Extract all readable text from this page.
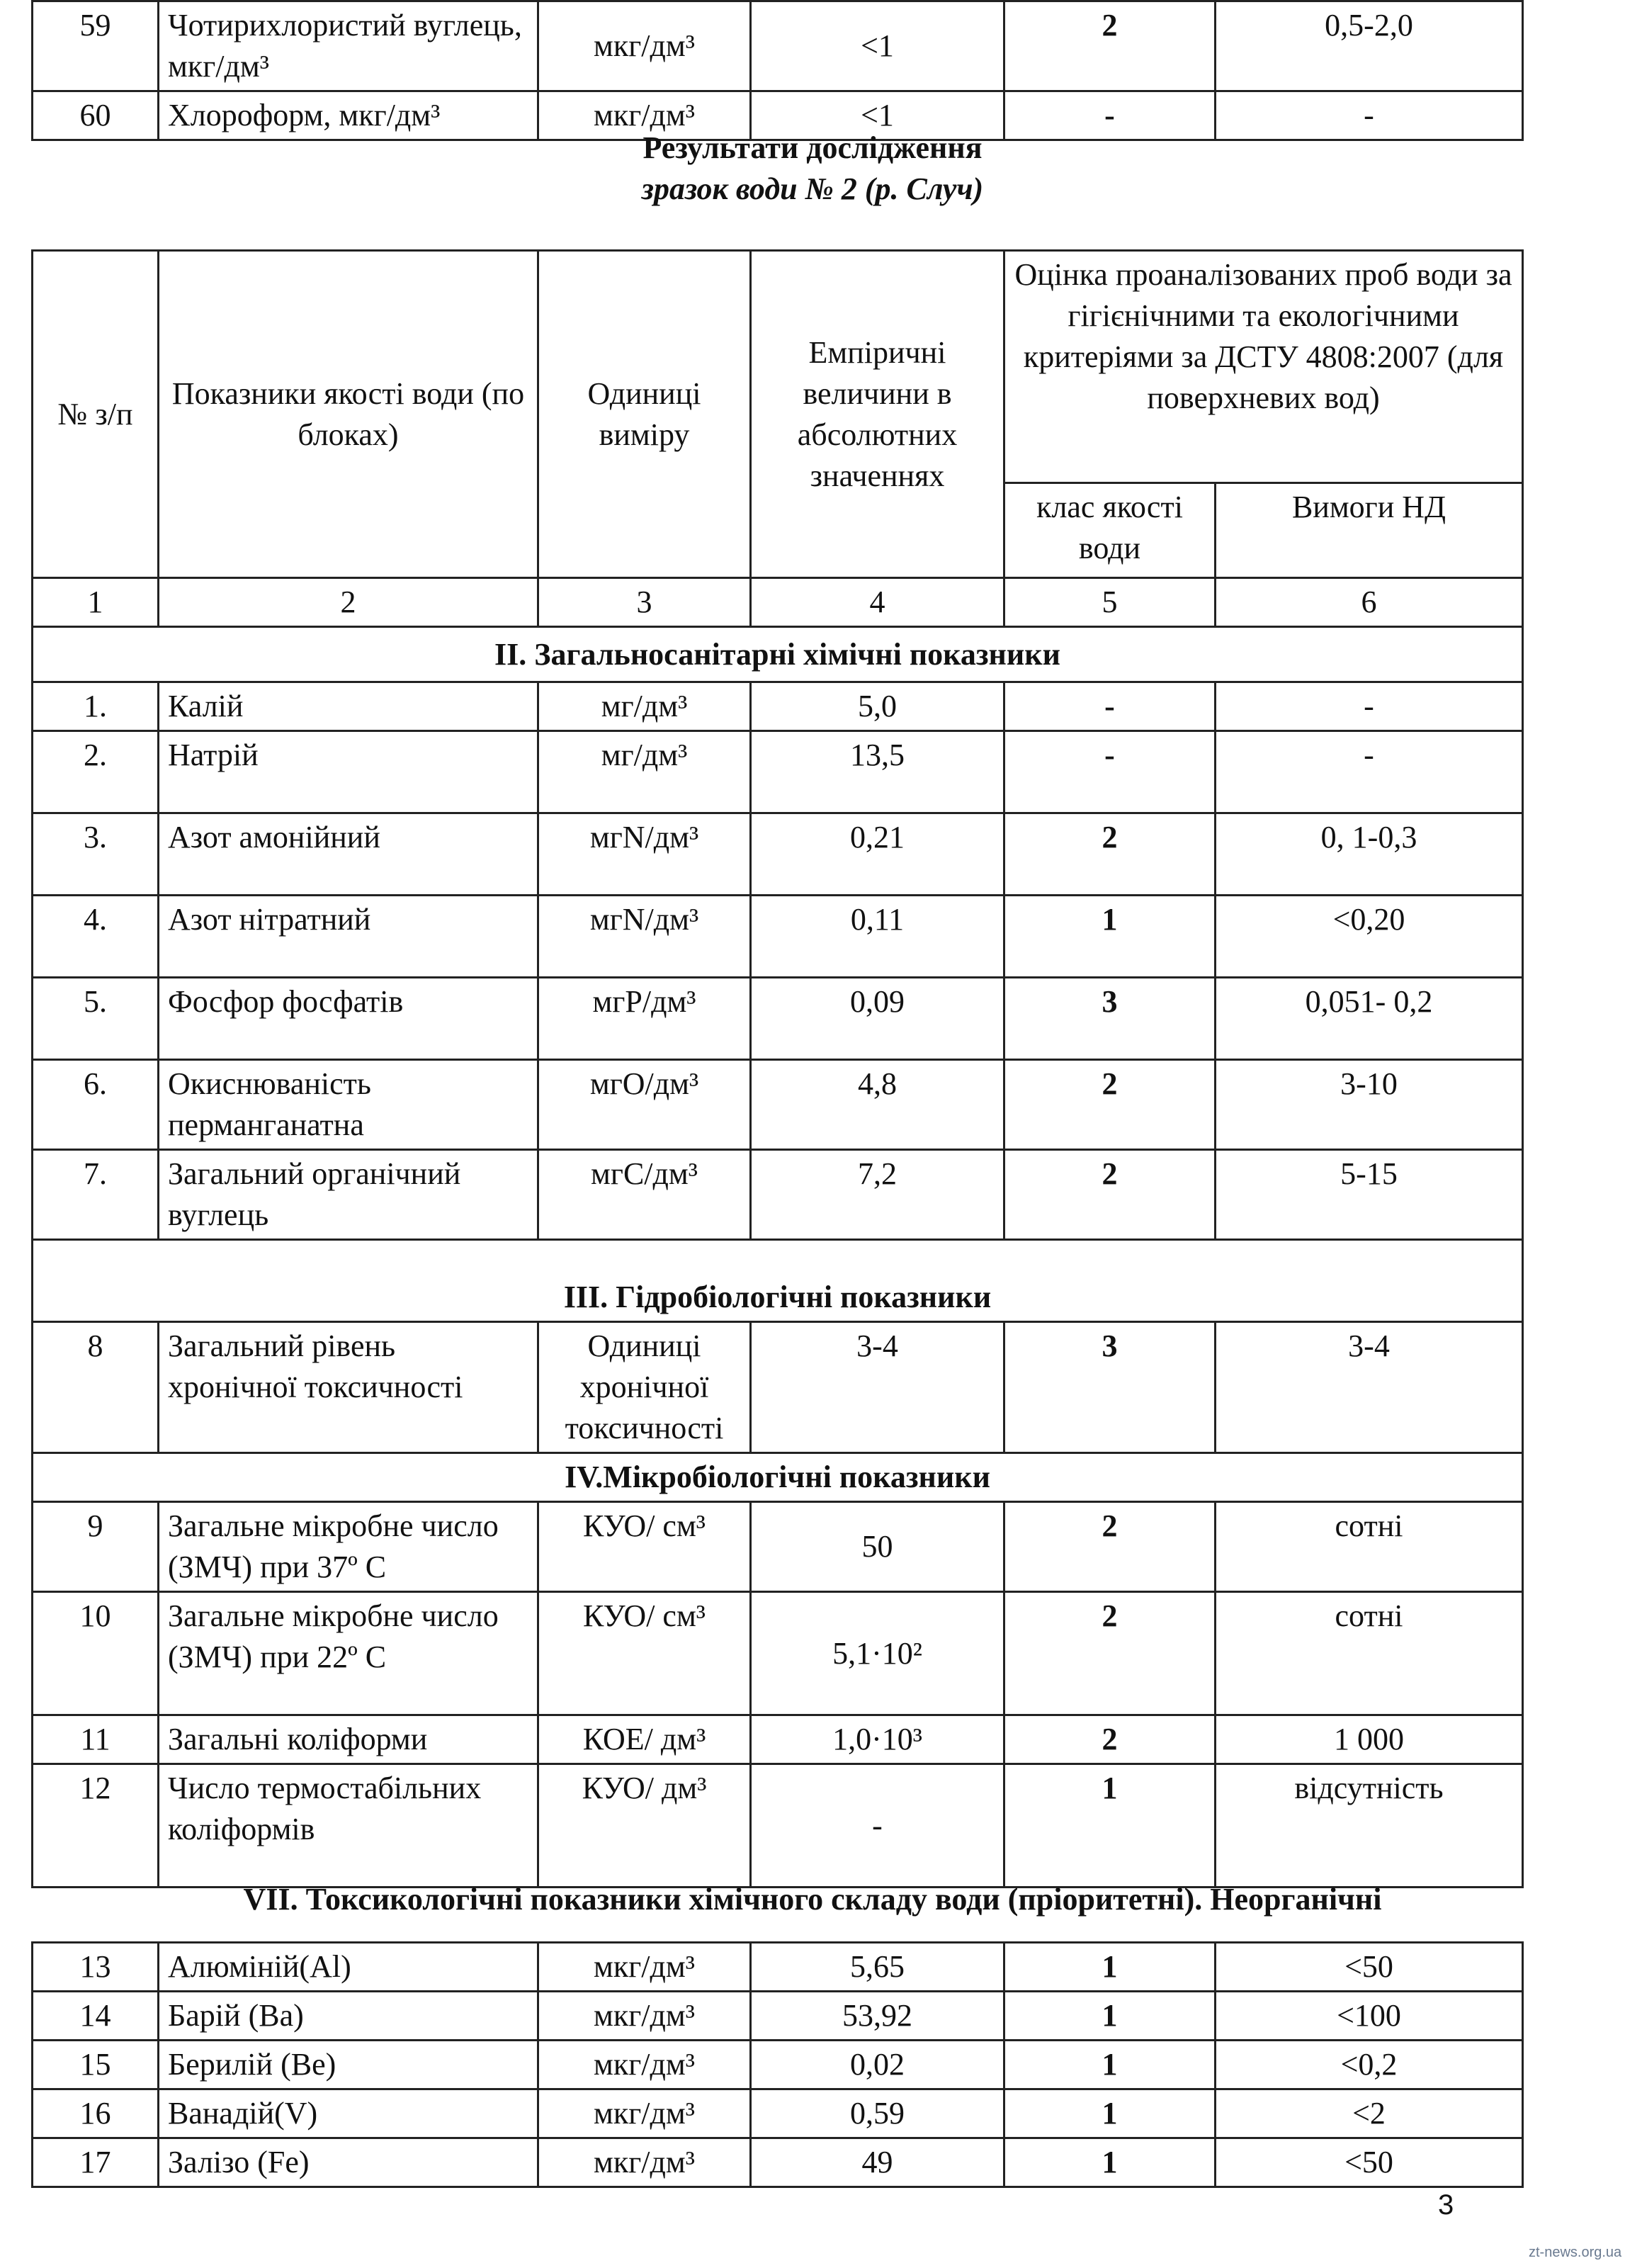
59	Чотирихлористий вуглець, мкг/дм³	мкг/дм³	<1	2	0,5-2,0
60	Хлороформ, мкг/дм³	мкг/дм³	<1	-	-
Результати дослідження
зразок води № 2 (р. Случ)
№ з/п	Показники якості води (по блоках)	Одиниці виміру	Емпіричні величини в абсолютних значеннях	Оцінка проаналізованих проб води за гігієнічними та екологічними критеріями за ДСТУ 4808:2007 (для поверхневих вод)	
				клас якості води	Вимоги НД
1	2	3	4	5	6
ІІ. Загальносанітарні хімічні показники					
1.	Калій	мг/дм³	5,0	-	-
2.	Натрій	мг/дм³	13,5	-	-
3.	Азот амонійний	мгN/дм³	0,21	2	0, 1-0,3
4.	Азот нітратний	мгN/дм³	0,11	1	<0,20
5.	Фосфор фосфатів	мгР/дм³	0,09	3	0,051- 0,2
6.	Окиснюваність перманганатна	мгО/дм³	4,8	2	3-10
7.	Загальний органічний вуглець	мгС/дм³	7,2	2	5-15
ІІІ. Гідробіологічні показники					
8	Загальний рівень хронічної токсичності	Одиниці хронічної токсичності	3-4	3	3-4
IV.Мікробіологічні показники					
9	Загальне мікробне число (ЗМЧ) при 37º С	КУО/ см³	50	2	сотні
10	Загальне мікробне число (ЗМЧ) при 22º С	КУО/ см³	5,1·10²	2	сотні
11	Загальні коліформи	КОЕ/ дм³	1,0·10³	2	1 000
12	Число термостабільних коліформів	КУО/ дм³	-	1	відсутність
VII. Токсикологічні показники хімічного складу води (пріоритетні). Неорганічні
13	Алюміній(Al)	мкг/дм³	5,65	1	<50
14	Барій (Ba)	мкг/дм³	53,92	1	<100
15	Берилій (Be)	мкг/дм³	0,02	1	<0,2
16	Ванадій(V)	мкг/дм³	0,59	1	<2
17	Залізо (Fe)	мкг/дм³	49	1	<50
3
zt-news.org.ua
